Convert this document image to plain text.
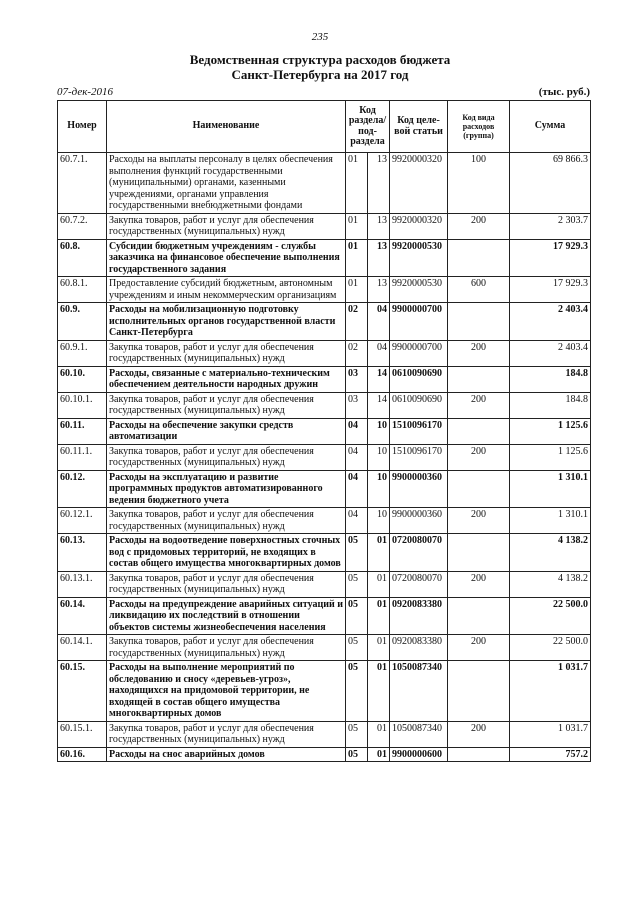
235
Ведомственная структура расходов бюджета
Санкт-Петербурга на 2017 год
07-дек-2016	(тыс. руб.)
Номер	Наименование	Код раздела/ под-раздела		Код целе-вой статьи	Код вида расходов (группа)	Сумма
60.7.1.	Расходы на выплаты персоналу в целях обеспечения выполнения функций государственными (муниципальными) органами, казенными учреждениями, органами управления государственными внебюджетными фондами	01	13	9920000320	100	69 866.3
60.7.2.	Закупка товаров, работ и услуг для обеспечения государственных (муниципальных) нужд	01	13	9920000320	200	2 303.7
60.8.	Субсидии бюджетным учреждениям - службы заказчика на финансовое обеспечение выполнения государственного задания	01	13	9920000530		17 929.3
60.8.1.	Предоставление субсидий бюджетным, автономным учреждениям и иным некоммерческим организациям	01	13	9920000530	600	17 929.3
60.9.	Расходы на мобилизационную подготовку исполнительных органов государственной власти Санкт-Петербурга	02	04	9900000700		2 403.4
60.9.1.	Закупка товаров, работ и услуг для обеспечения государственных (муниципальных) нужд	02	04	9900000700	200	2 403.4
60.10.	Расходы, связанные с материально-техническим обеспечением деятельности народных дружин	03	14	0610090690		184.8
60.10.1.	Закупка товаров, работ и услуг для обеспечения государственных (муниципальных) нужд	03	14	0610090690	200	184.8
60.11.	Расходы на обеспечение закупки средств автоматизации	04	10	1510096170		1 125.6
60.11.1.	Закупка товаров, работ и услуг для обеспечения государственных (муниципальных) нужд	04	10	1510096170	200	1 125.6
60.12.	Расходы на эксплуатацию и развитие программных продуктов автоматизированного ведения бюджетного учета	04	10	9900000360		1 310.1
60.12.1.	Закупка товаров, работ и услуг для обеспечения государственных (муниципальных) нужд	04	10	9900000360	200	1 310.1
60.13.	Расходы на водоотведение поверхностных сточных вод с придомовых территорий, не входящих в состав общего имущества многоквартирных домов	05	01	0720080070		4 138.2
60.13.1.	Закупка товаров, работ и услуг для обеспечения государственных (муниципальных) нужд	05	01	0720080070	200	4 138.2
60.14.	Расходы на предупреждение аварийных ситуаций и ликвидацию их последствий в отношении объектов системы жизнеобеспечения населения	05	01	0920083380		22 500.0
60.14.1.	Закупка товаров, работ и услуг для обеспечения государственных (муниципальных) нужд	05	01	0920083380	200	22 500.0
60.15.	Расходы на выполнение мероприятий по обследованию и сносу «деревьев-угроз», находящихся на придомовой территории, не входящей в состав общего имущества многоквартирных домов	05	01	1050087340		1 031.7
60.15.1.	Закупка товаров, работ и услуг для обеспечения государственных (муниципальных) нужд	05	01	1050087340	200	1 031.7
60.16.	Расходы на снос аварийных домов	05	01	9900000600		757.2
